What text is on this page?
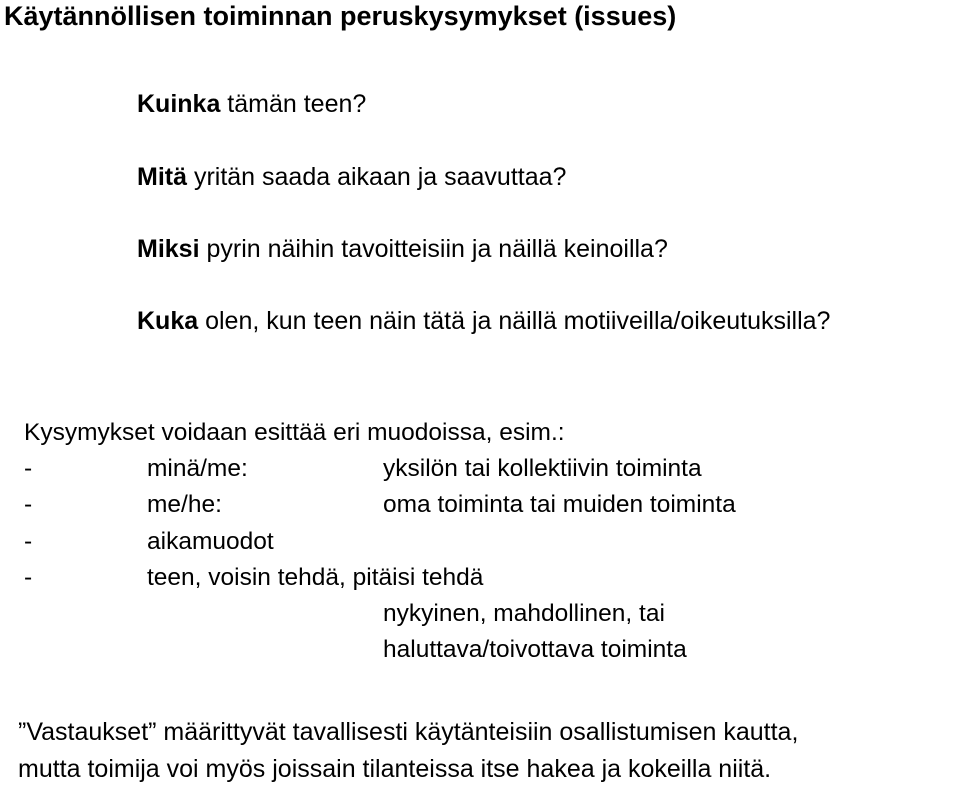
Käytännöllisen toiminnan peruskysymykset (issues)
Kuinka tämän teen?
Mitä yritän saada aikaan ja saavuttaa?
Miksi pyrin näihin tavoitteisiin ja näillä keinoilla?
Kuka olen, kun teen näin tätä ja näillä motiiveilla/oikeutuksilla?
Kysymykset voidaan esittää eri muodoissa, esim.:
-	minä/me:	yksilön tai kollektiivin toiminta
-	me/he:	oma toiminta tai muiden toiminta
-	aikamuodot
-	teen, voisin tehdä, pitäisi tehdä
nykyinen, mahdollinen, tai
haluttava/toivottava toiminta
”Vastaukset” määrittyvät tavallisesti käytänteisiin osallistumisen kautta,
mutta toimija voi myös joissain tilanteissa itse hakea ja kokeilla niitä.
